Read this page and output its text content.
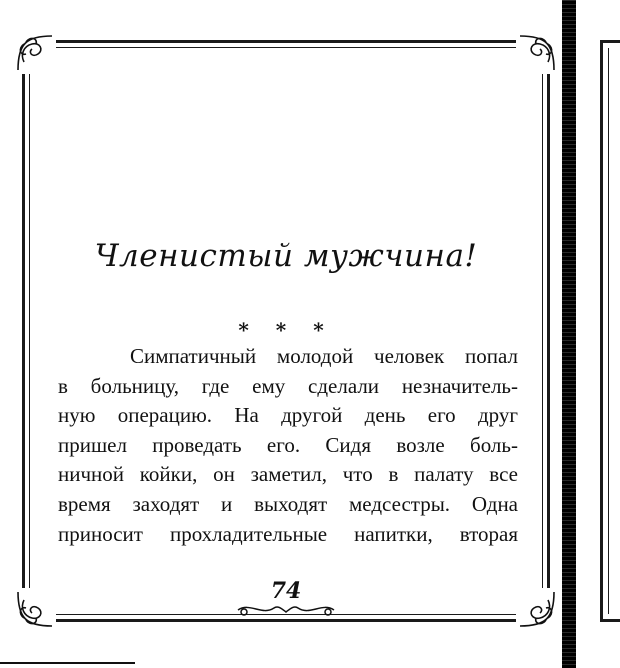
Членистый мужчина!
* * *
Симпатичный молодой человек попал
в больницу, где ему сделали незначитель-
ную операцию. На другой день его друг
пришел проведать его. Сидя возле боль-
ничной койки, он заметил, что в палату все
время заходят и выходят медсестры. Одна
приносит прохладительные напитки, вторая
74
